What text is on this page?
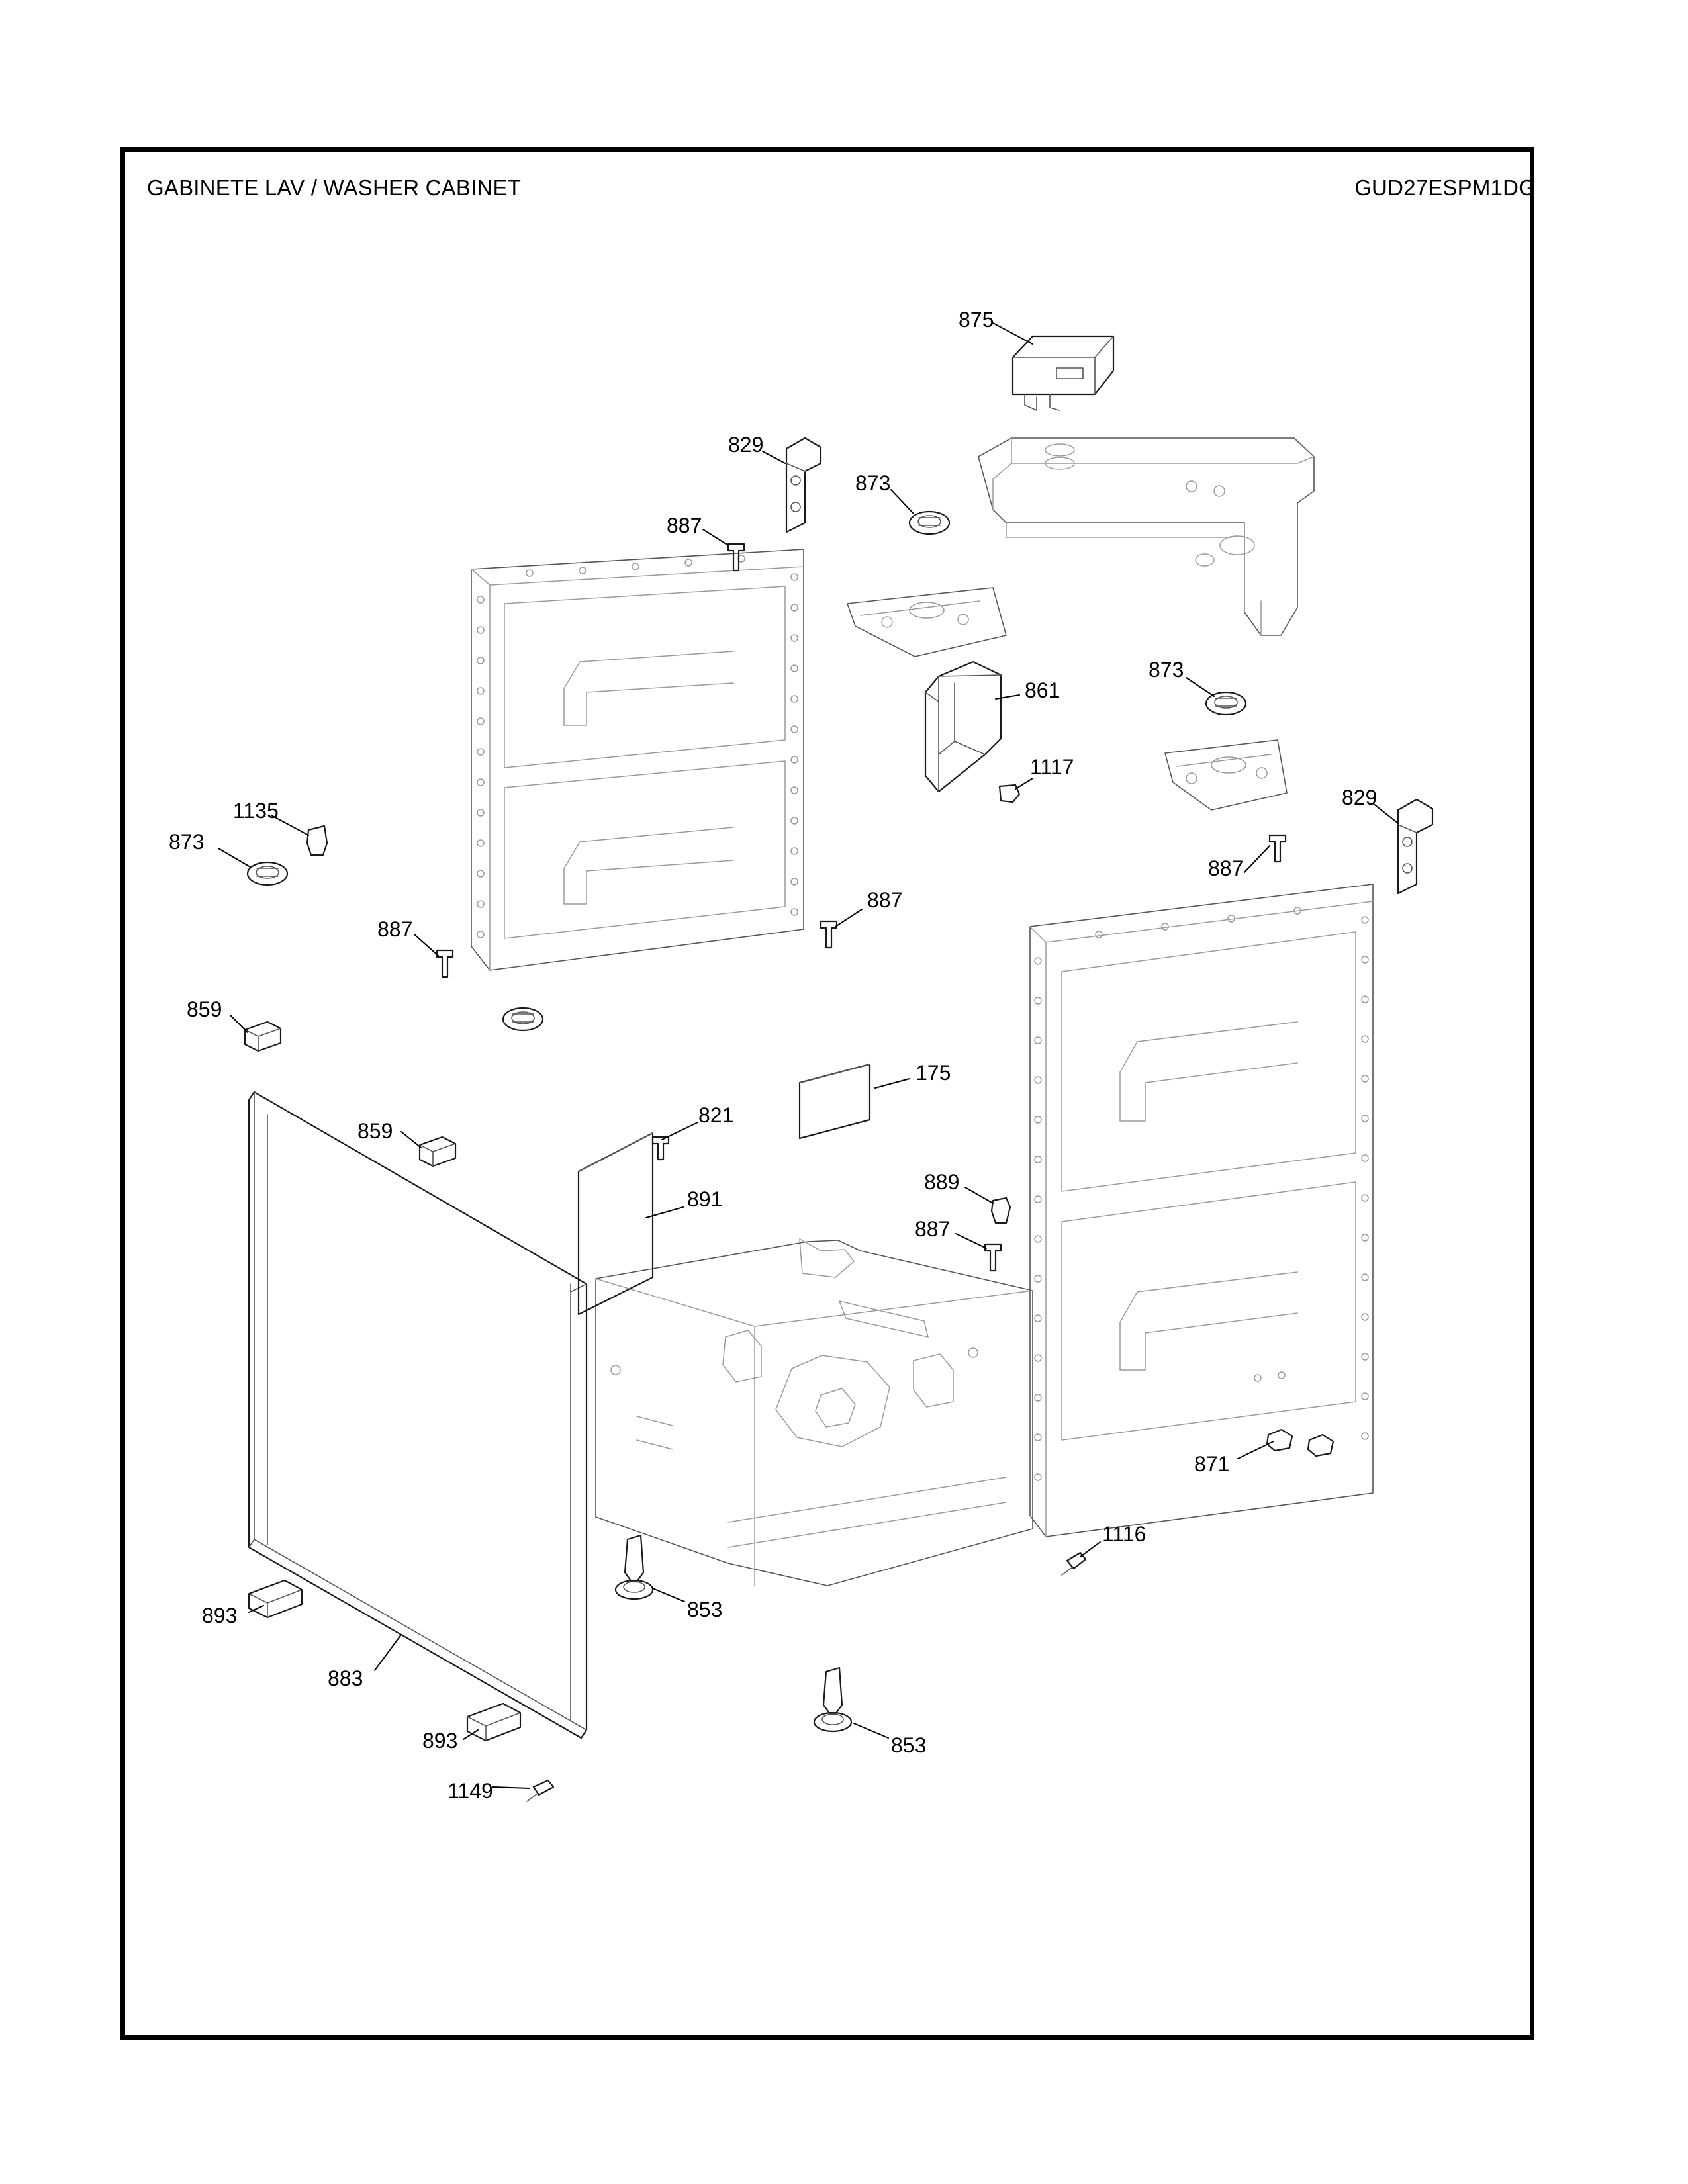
GABINETE LAV / WASHER CABINET	GUD27ESPM1DG
875
829
873
887
861
873
1117
829
887
1135
873
887
887
859
859
175
821
889
887
891
871
1116
853
853
893
883
893
1149
